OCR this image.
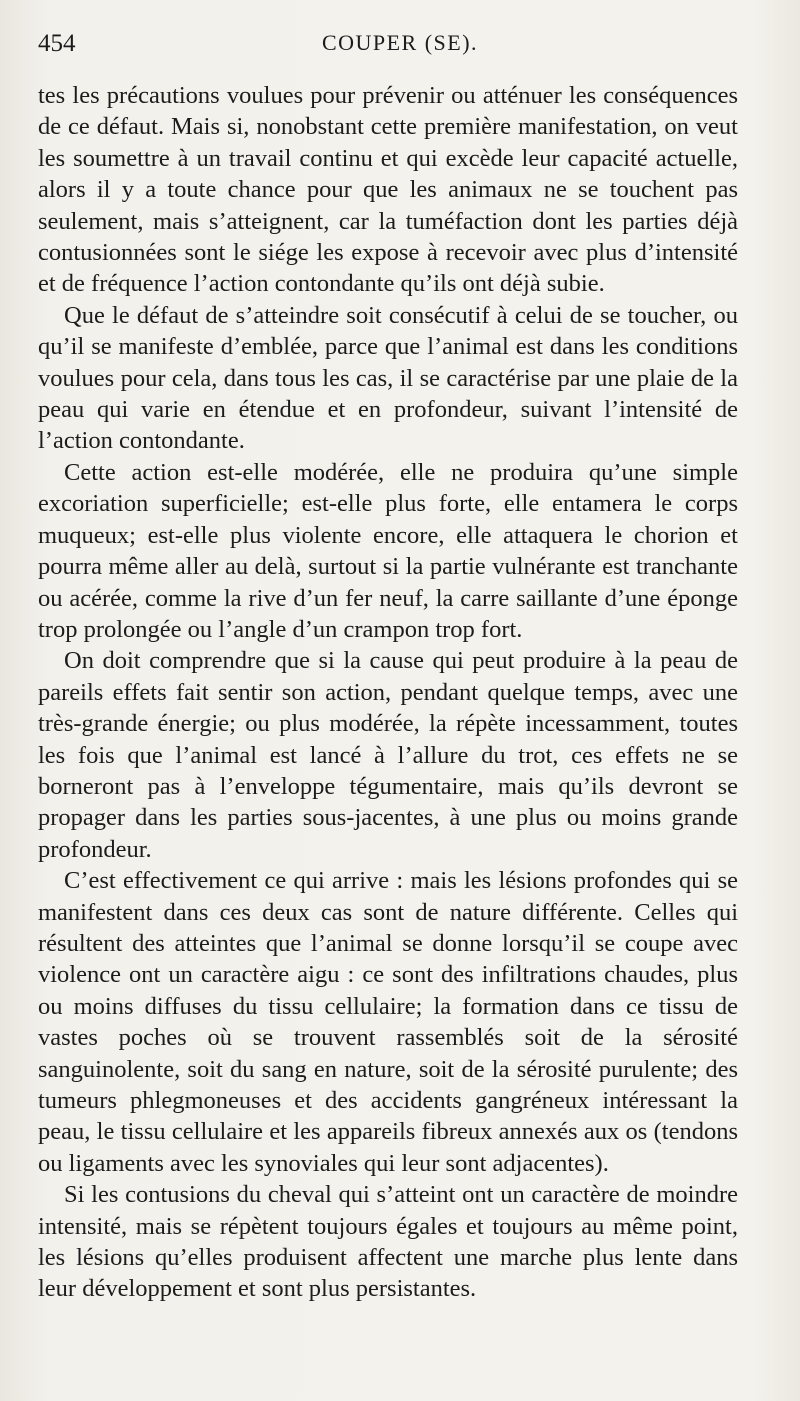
454	COUPER (SE).

tes les précautions voulues pour prévenir ou atténuer les conséquences de ce défaut. Mais si, nonobstant cette première manifestation, on veut les soumettre à un travail continu et qui excède leur capacité actuelle, alors il y a toute chance pour que les animaux ne se touchent pas seulement, mais s’atteignent, car la tuméfaction dont les parties déjà contusionnées sont le siége les expose à recevoir avec plus d’intensité et de fréquence l’action contondante qu’ils ont déjà subie.

Que le défaut de s’atteindre soit consécutif à celui de se toucher, ou qu’il se manifeste d’emblée, parce que l’animal est dans les conditions voulues pour cela, dans tous les cas, il se caractérise par une plaie de la peau qui varie en étendue et en profondeur, suivant l’intensité de l’action contondante.

Cette action est-elle modérée, elle ne produira qu’une simple excoriation superficielle; est-elle plus forte, elle entamera le corps muqueux; est-elle plus violente encore, elle attaquera le chorion et pourra même aller au delà, surtout si la partie vulnérante est tranchante ou acérée, comme la rive d’un fer neuf, la carre saillante d’une éponge trop prolongée ou l’angle d’un crampon trop fort.

On doit comprendre que si la cause qui peut produire à la peau de pareils effets fait sentir son action, pendant quelque temps, avec une très-grande énergie; ou plus modérée, la répète incessamment, toutes les fois que l’animal est lancé à l’allure du trot, ces effets ne se borneront pas à l’enveloppe tégumentaire, mais qu’ils devront se propager dans les parties sous-jacentes, à une plus ou moins grande profondeur.

C’est effectivement ce qui arrive : mais les lésions profondes qui se manifestent dans ces deux cas sont de nature différente. Celles qui résultent des atteintes que l’animal se donne lorsqu’il se coupe avec violence ont un caractère aigu : ce sont des infiltrations chaudes, plus ou moins diffuses du tissu cellulaire; la formation dans ce tissu de vastes poches où se trouvent rassemblés soit de la sérosité sanguinolente, soit du sang en nature, soit de la sérosité purulente; des tumeurs phlegmoneuses et des accidents gangréneux intéressant la peau, le tissu cellulaire et les appareils fibreux annexés aux os (tendons ou ligaments avec les synoviales qui leur sont adjacentes).

Si les contusions du cheval qui s’atteint ont un caractère de moindre intensité, mais se répètent toujours égales et toujours au même point, les lésions qu’elles produisent affectent une marche plus lente dans leur développement et sont plus persistantes.
